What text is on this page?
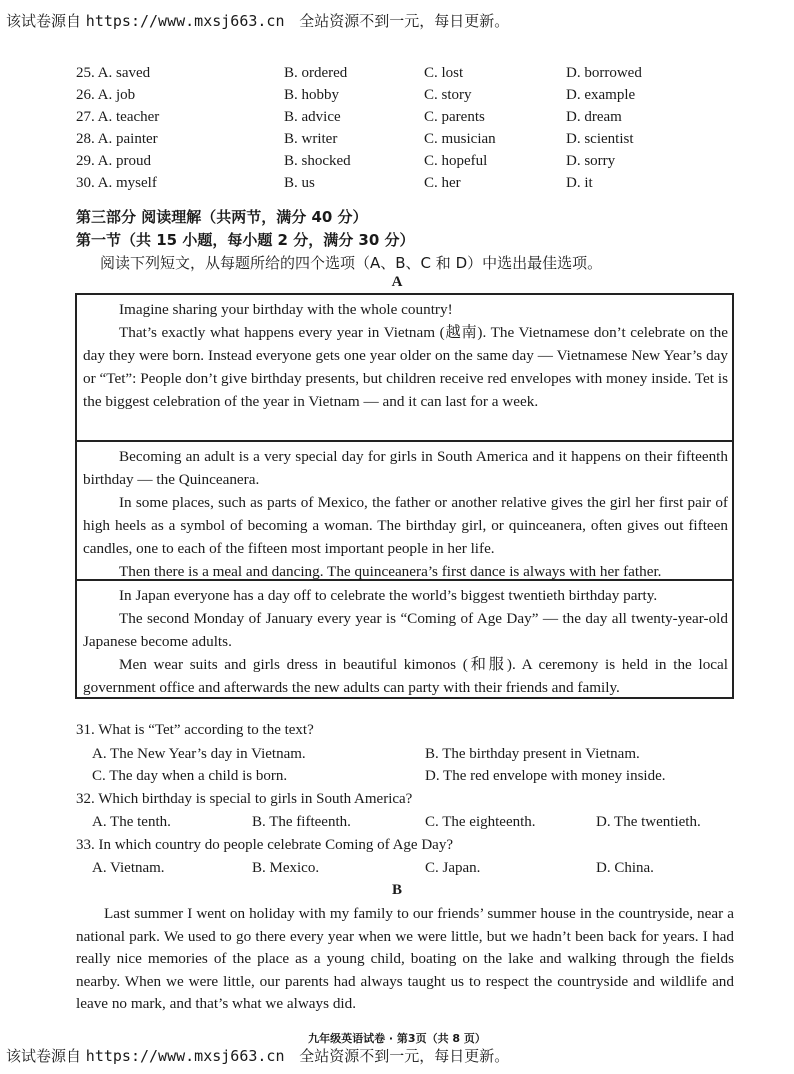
该试卷源自 https://www.mxsj663.cn 全站资源不到一元，每日更新。
25. A. saved	B. ordered	C. lost	D. borrowed
26. A. job	B. hobby	C. story	D. example
27. A. teacher	B. advice	C. parents	D. dream
28. A. painter	B. writer	C. musician	D. scientist
29. A. proud	B. shocked	C. hopeful	D. sorry
30. A. myself	B. us	C. her	D. it
第三部分 阅读理解（共两节，满分 40 分）
第一节（共 15 小题，每小题 2 分，满分 30 分）
阅读下列短文，从每题所给的四个选项（A、B、C 和 D）中选出最佳选项。
A

Imagine sharing your birthday with the whole country!

That’s exactly what happens every year in Vietnam (越南). The Vietnamese don’t celebrate on the day they were born. Instead everyone gets one year older on the same day — Vietnamese New Year’s day or “Tet”: People don’t give birthday presents, but children receive red envelopes with money inside. Tet is the biggest celebration of the year in Vietnam — and it can last for a week.

Becoming an adult is a very special day for girls in South America and it happens on their fifteenth birthday — the Quinceanera.

In some places, such as parts of Mexico, the father or another relative gives the girl her first pair of high heels as a symbol of becoming a woman. The birthday girl, or quinceanera, often gives out fifteen candles, one to each of the fifteen most important people in her life.

Then there is a meal and dancing. The quinceanera’s first dance is always with her father.

In Japan everyone has a day off to celebrate the world’s biggest twentieth birthday party.

The second Monday of January every year is “Coming of Age Day” — the day all twenty-year-old Japanese become adults.

Men wear suits and girls dress in beautiful kimonos (和服). A ceremony is held in the local government office and afterwards the new adults can party with their friends and family.

31. What is “Tet” according to the text?
A. The New Year’s day in Vietnam.	B. The birthday present in Vietnam.
C. The day when a child is born.	D. The red envelope with money inside.
32. Which birthday is special to girls in South America?
A. The tenth.	B. The fifteenth.	C. The eighteenth.	D. The twentieth.
33. In which country do people celebrate Coming of Age Day?
A. Vietnam.	B. Mexico.	C. Japan.	D. China.
B

Last summer I went on holiday with my family to our friends’ summer house in the countryside, near a national park. We used to go there every year when we were little, but we hadn’t been back for years. I had really nice memories of the place as a young child, boating on the lake and walking through the fields nearby. When we were little, our parents had always taught us to respect the countryside and wildlife and leave no mark, and that’s what we always did.

九年级英语试卷 · 第3页（共 8 页）
该试卷源自 https://www.mxsj663.cn 全站资源不到一元，每日更新。
